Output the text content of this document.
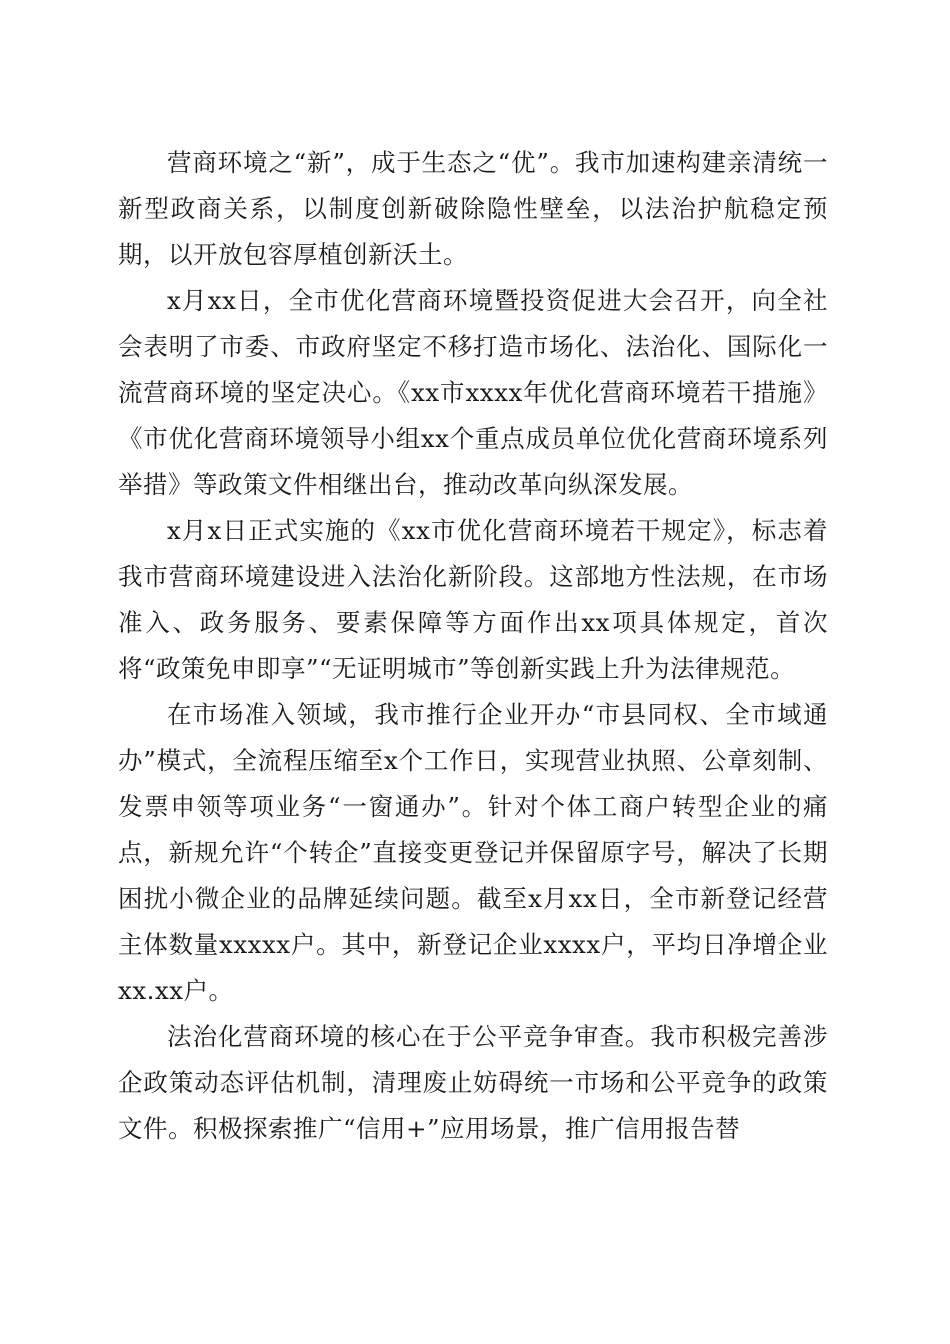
营商环境之“新”，成于生态之“优”。我市加速构建亲清统一新型政商关系，以制度创新破除隐性壁垒，以法治护航稳定预期，以开放包容厚植创新沃土。

x月xx日，全市优化营商环境暨投资促进大会召开，向全社会表明了市委、市政府坚定不移打造市场化、法治化、国际化一流营商环境的坚定决心。《xx市xxxx年优化营商环境若干措施》《市优化营商环境领导小组xx个重点成员单位优化营商环境系列举措》等政策文件相继出台，推动改革向纵深发展。

x月x日正式实施的《xx市优化营商环境若干规定》，标志着我市营商环境建设进入法治化新阶段。这部地方性法规，在市场准入、政务服务、要素保障等方面作出xx项具体规定，首次将“政策免申即享”“无证明城市”等创新实践上升为法律规范。

在市场准入领域，我市推行企业开办“市县同权、全市域通办”模式，全流程压缩至x个工作日，实现营业执照、公章刻制、发票申领等项业务“一窗通办”。针对个体工商户转型企业的痛点，新规允许“个转企”直接变更登记并保留原字号，解决了长期困扰小微企业的品牌延续问题。截至x月xx日，全市新登记经营主体数量xxxxx户。其中，新登记企业xxxx户，平均日净增企业xx.xx户。

法治化营商环境的核心在于公平竞争审查。我市积极完善涉企政策动态评估机制，清理废止妨碍统一市场和公平竞争的政策文件。积极探索推广“信用+”应用场景，推广信用报告替
